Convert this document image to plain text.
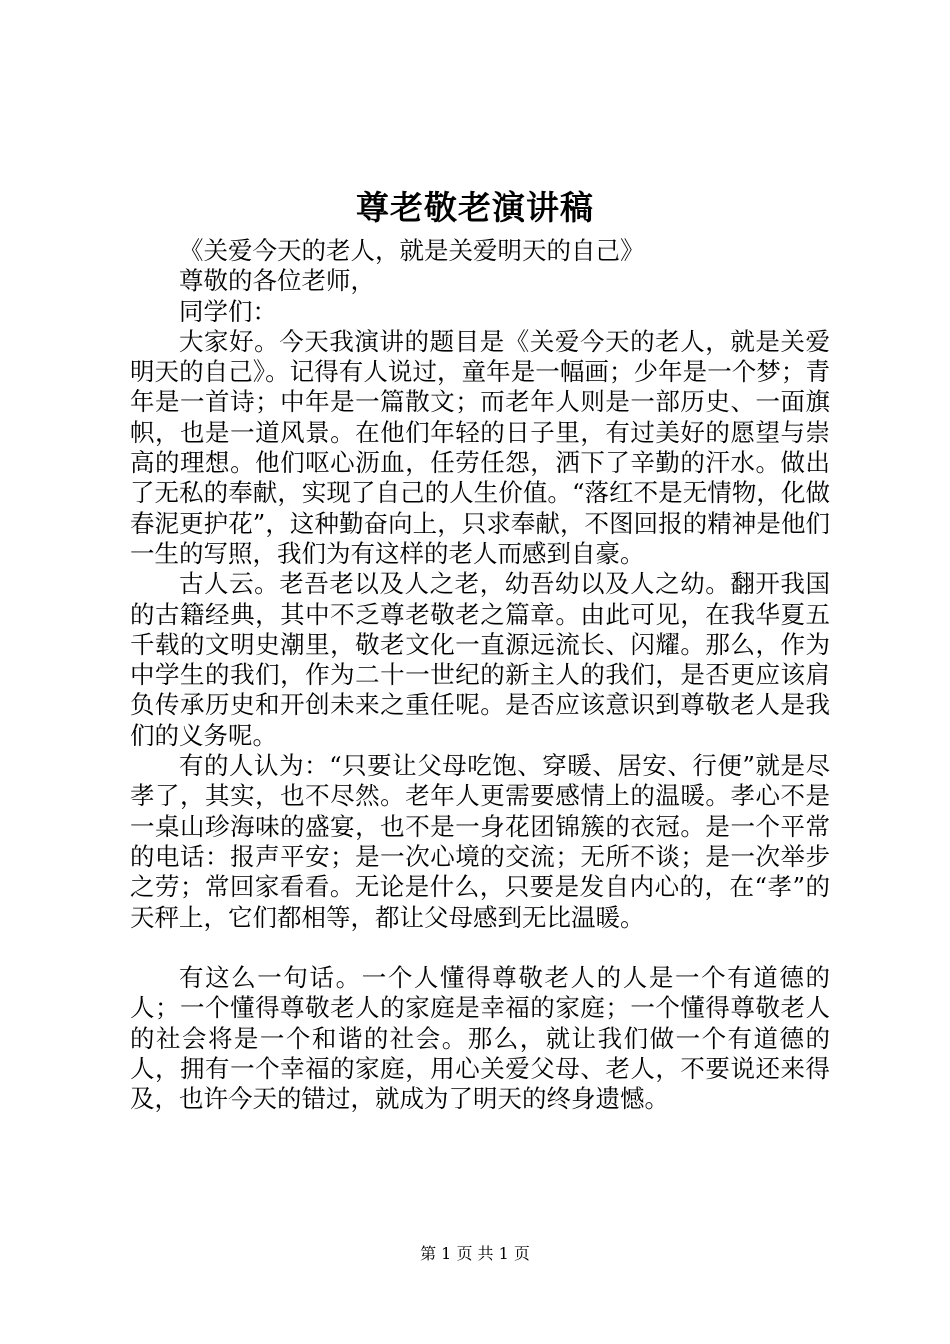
尊老敬老演讲稿

《关爱今天的老人，就是关爱明天的自己》

尊敬的各位老师，

同学们：

大家好。今天我演讲的题目是《关爱今天的老人，就是关爱明天的自己》。记得有人说过，童年是一幅画；少年是一个梦；青年是一首诗；中年是一篇散文；而老年人则是一部历史、一面旗帜，也是一道风景。在他们年轻的日子里，有过美好的愿望与崇高的理想。他们呕心沥血，任劳任怨，洒下了辛勤的汗水。做出了无私的奉献，实现了自己的人生价值。“落红不是无情物，化做春泥更护花”，这种勤奋向上，只求奉献，不图回报的精神是他们一生的写照，我们为有这样的老人而感到自豪。

古人云。老吾老以及人之老，幼吾幼以及人之幼。翻开我国的古籍经典，其中不乏尊老敬老之篇章。由此可见，在我华夏五千载的文明史潮里，敬老文化一直源远流长、闪耀。那么，作为中学生的我们，作为二十一世纪的新主人的我们，是否更应该肩负传承历史和开创未来之重任呢。是否应该意识到尊敬老人是我们的义务呢。

有的人认为：“只要让父母吃饱、穿暖、居安、行便”就是尽孝了，其实，也不尽然。老年人更需要感情上的温暖。孝心不是一桌山珍海味的盛宴，也不是一身花团锦簇的衣冠。是一个平常的电话：报声平安；是一次心境的交流；无所不谈；是一次举步之劳；常回家看看。无论是什么，只要是发自内心的，在“孝”的天秤上，它们都相等，都让父母感到无比温暖。

有这么一句话。一个人懂得尊敬老人的人是一个有道德的人；一个懂得尊敬老人的家庭是幸福的家庭；一个懂得尊敬老人的社会将是一个和谐的社会。那么，就让我们做一个有道德的人，拥有一个幸福的家庭，用心关爱父母、老人，不要说还来得及，也许今天的错过，就成为了明天的终身遗憾。

第 1 页 共 1 页
